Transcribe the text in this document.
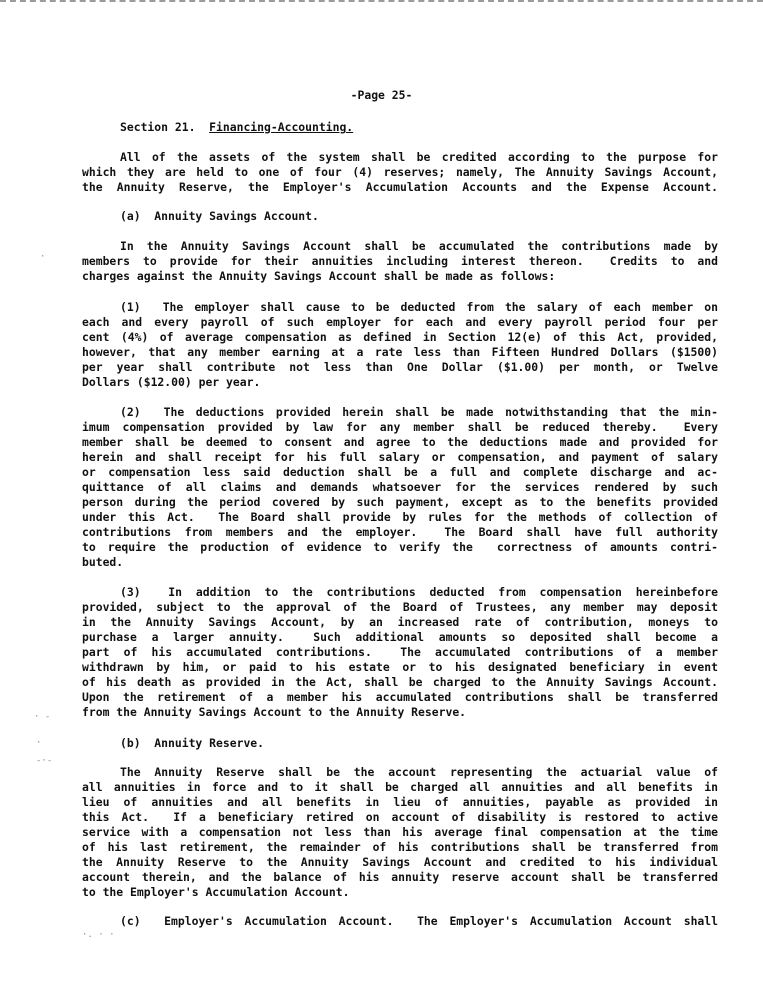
-Page 25-
Section 21. Financing-Accounting.
All of the assets of the system shall be credited according to the purpose for
which they are held to one of four (4) reserves; namely, The Annuity Savings Account,
the Annuity Reserve, the Employer's Accumulation Accounts and the Expense Account.
(a)  Annuity Savings Account.
In the Annuity Savings Account shall be accumulated the contributions made by
members to provide for their annuities including interest thereon.  Credits to and
charges against the Annuity Savings Account shall be made as follows:
(1)  The employer shall cause to be deducted from the salary of each member on
each and every payroll of such employer for each and every payroll period four per
cent (4%) of average compensation as defined in Section 12(e) of this Act, provided,
however, that any member earning at a rate less than Fifteen Hundred Dollars ($1500)
per year shall contribute not less than One Dollar ($1.00) per month, or Twelve
Dollars ($12.00) per year.
(2)  The deductions provided herein shall be made notwithstanding that the min-
imum compensation provided by law for any member shall be reduced thereby.  Every
member shall be deemed to consent and agree to the deductions made and provided for
herein and shall receipt for his full salary or compensation, and payment of salary
or compensation less said deduction shall be a full and complete discharge and ac-
quittance of all claims and demands whatsoever for the services rendered by such
person during the period covered by such payment, except as to the benefits provided
under this Act.  The Board shall provide by rules for the methods of collection of
contributions from members and the employer.  The Board shall have full authority
to require the production of evidence to verify the  correctness of amounts contri-
buted.
(3)  In addition to the contributions deducted from compensation hereinbefore
provided, subject to the approval of the Board of Trustees, any member may deposit
in the Annuity Savings Account, by an increased rate of contribution, moneys to
purchase a larger annuity.  Such additional amounts so deposited shall become a
part of his accumulated contributions.  The accumulated contributions of a member
withdrawn by him, or paid to his estate or to his designated beneficiary in event
of his death as provided in the Act, shall be charged to the Annuity Savings Account.
Upon the retirement of a member his accumulated contributions shall be transferred
from the Annuity Savings Account to the Annuity Reserve.
(b)  Annuity Reserve.
The Annuity Reserve shall be the account representing the actuarial value of
all annuities in force and to it shall be charged all annuities and all benefits in
lieu of annuities and all benefits in lieu of annuities, payable as provided in
this Act.  If a beneficiary retired on account of disability is restored to active
service with a compensation not less than his average final compensation at the time
of his last retirement, the remainder of his contributions shall be transferred from
the Annuity Reserve to the Annuity Savings Account and credited to his individual
account therein, and the balance of his annuity reserve account shall be transferred
to the Employer's Accumulation Account.
(c)  Employer's Accumulation Account.  The Employer's Accumulation Account shall
·
· -
·
-·-
·. · ·
